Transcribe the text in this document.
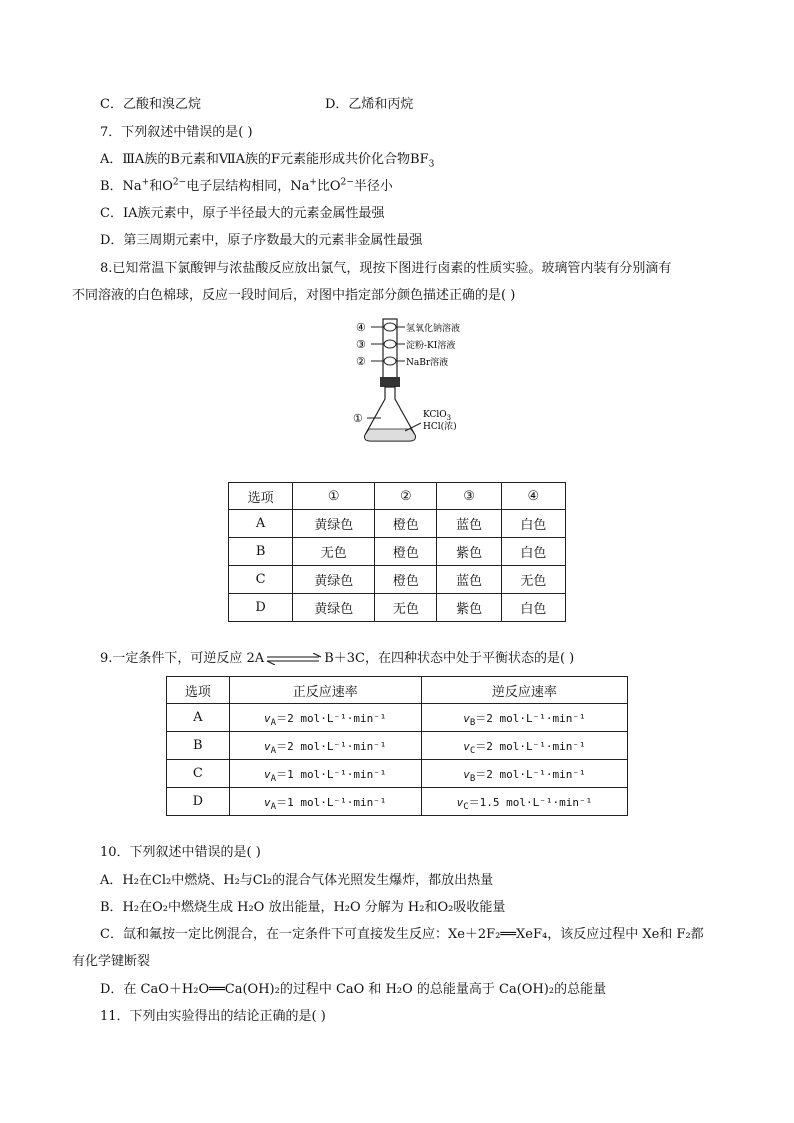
C．乙酸和溴乙烷	D．乙烯和丙烷
7．下列叙述中错误的是( )
A．ⅢA族的B元素和ⅦA族的F元素能形成共价化合物$BF_3$
B．Na+和$O^{2-}$电子层结构相同，Na+比$O^{2-}$半径小
C．ⅠA族元素中，原子半径最大的元素金属性最强
D．第三周期元素中，原子序数最大的元素非金属性最强
8.已知常温下氯酸钾与浓盐酸反应放出氯气，现按下图进行卤素的性质实验。玻璃管内装有分别滴有
不同溶液的白色棉球，反应一段时间后，对图中指定部分颜色描述正确的是( )
④
③
②
①
氢氧化钠溶液
淀粉-KI溶液
NaBr溶液
KClO$_3$
HCl(浓)
选项	①	②	③	④
A	黄绿色	橙色	蓝色	白色
B	无色	橙色	紫色	白色
C	黄绿色	橙色	蓝色	无色
D	黄绿色	无色	紫色	白色
9.一定条件下，可逆反应 2A	B＋3C，在四种状态中处于平衡状态的是( )
选项	正反应速率	逆反应速率
A	$v_A=2$ mol·L⁻¹·min⁻¹	$v_B=2$ mol·L⁻¹·min⁻¹
B	$v_A=2$ mol·L⁻¹·min⁻¹	$v_C=2$ mol·L⁻¹·min⁻¹
C	$v_A=1$ mol·L⁻¹·min⁻¹	$v_B=2$ mol·L⁻¹·min⁻¹
D	$v_A=1$ mol·L⁻¹·min⁻¹	$v_C=1.5$ mol·L⁻¹·min⁻¹
10．下列叙述中错误的是( )
A．H₂在Cl₂中燃烧、H₂与Cl₂的混合气体光照发生爆炸，都放出热量
B．H₂在O₂中燃烧生成 H₂O 放出能量，H₂O 分解为 H₂和O₂吸收能量
C．氙和氟按一定比例混合，在一定条件下可直接发生反应：Xe＋2F₂══XeF₄，该反应过程中 Xe和 F₂都
有化学键断裂
D．在 CaO＋H₂O══Ca(OH)₂的过程中 CaO 和 H₂O 的总能量高于 Ca(OH)₂的总能量
11．下列由实验得出的结论正确的是( )
